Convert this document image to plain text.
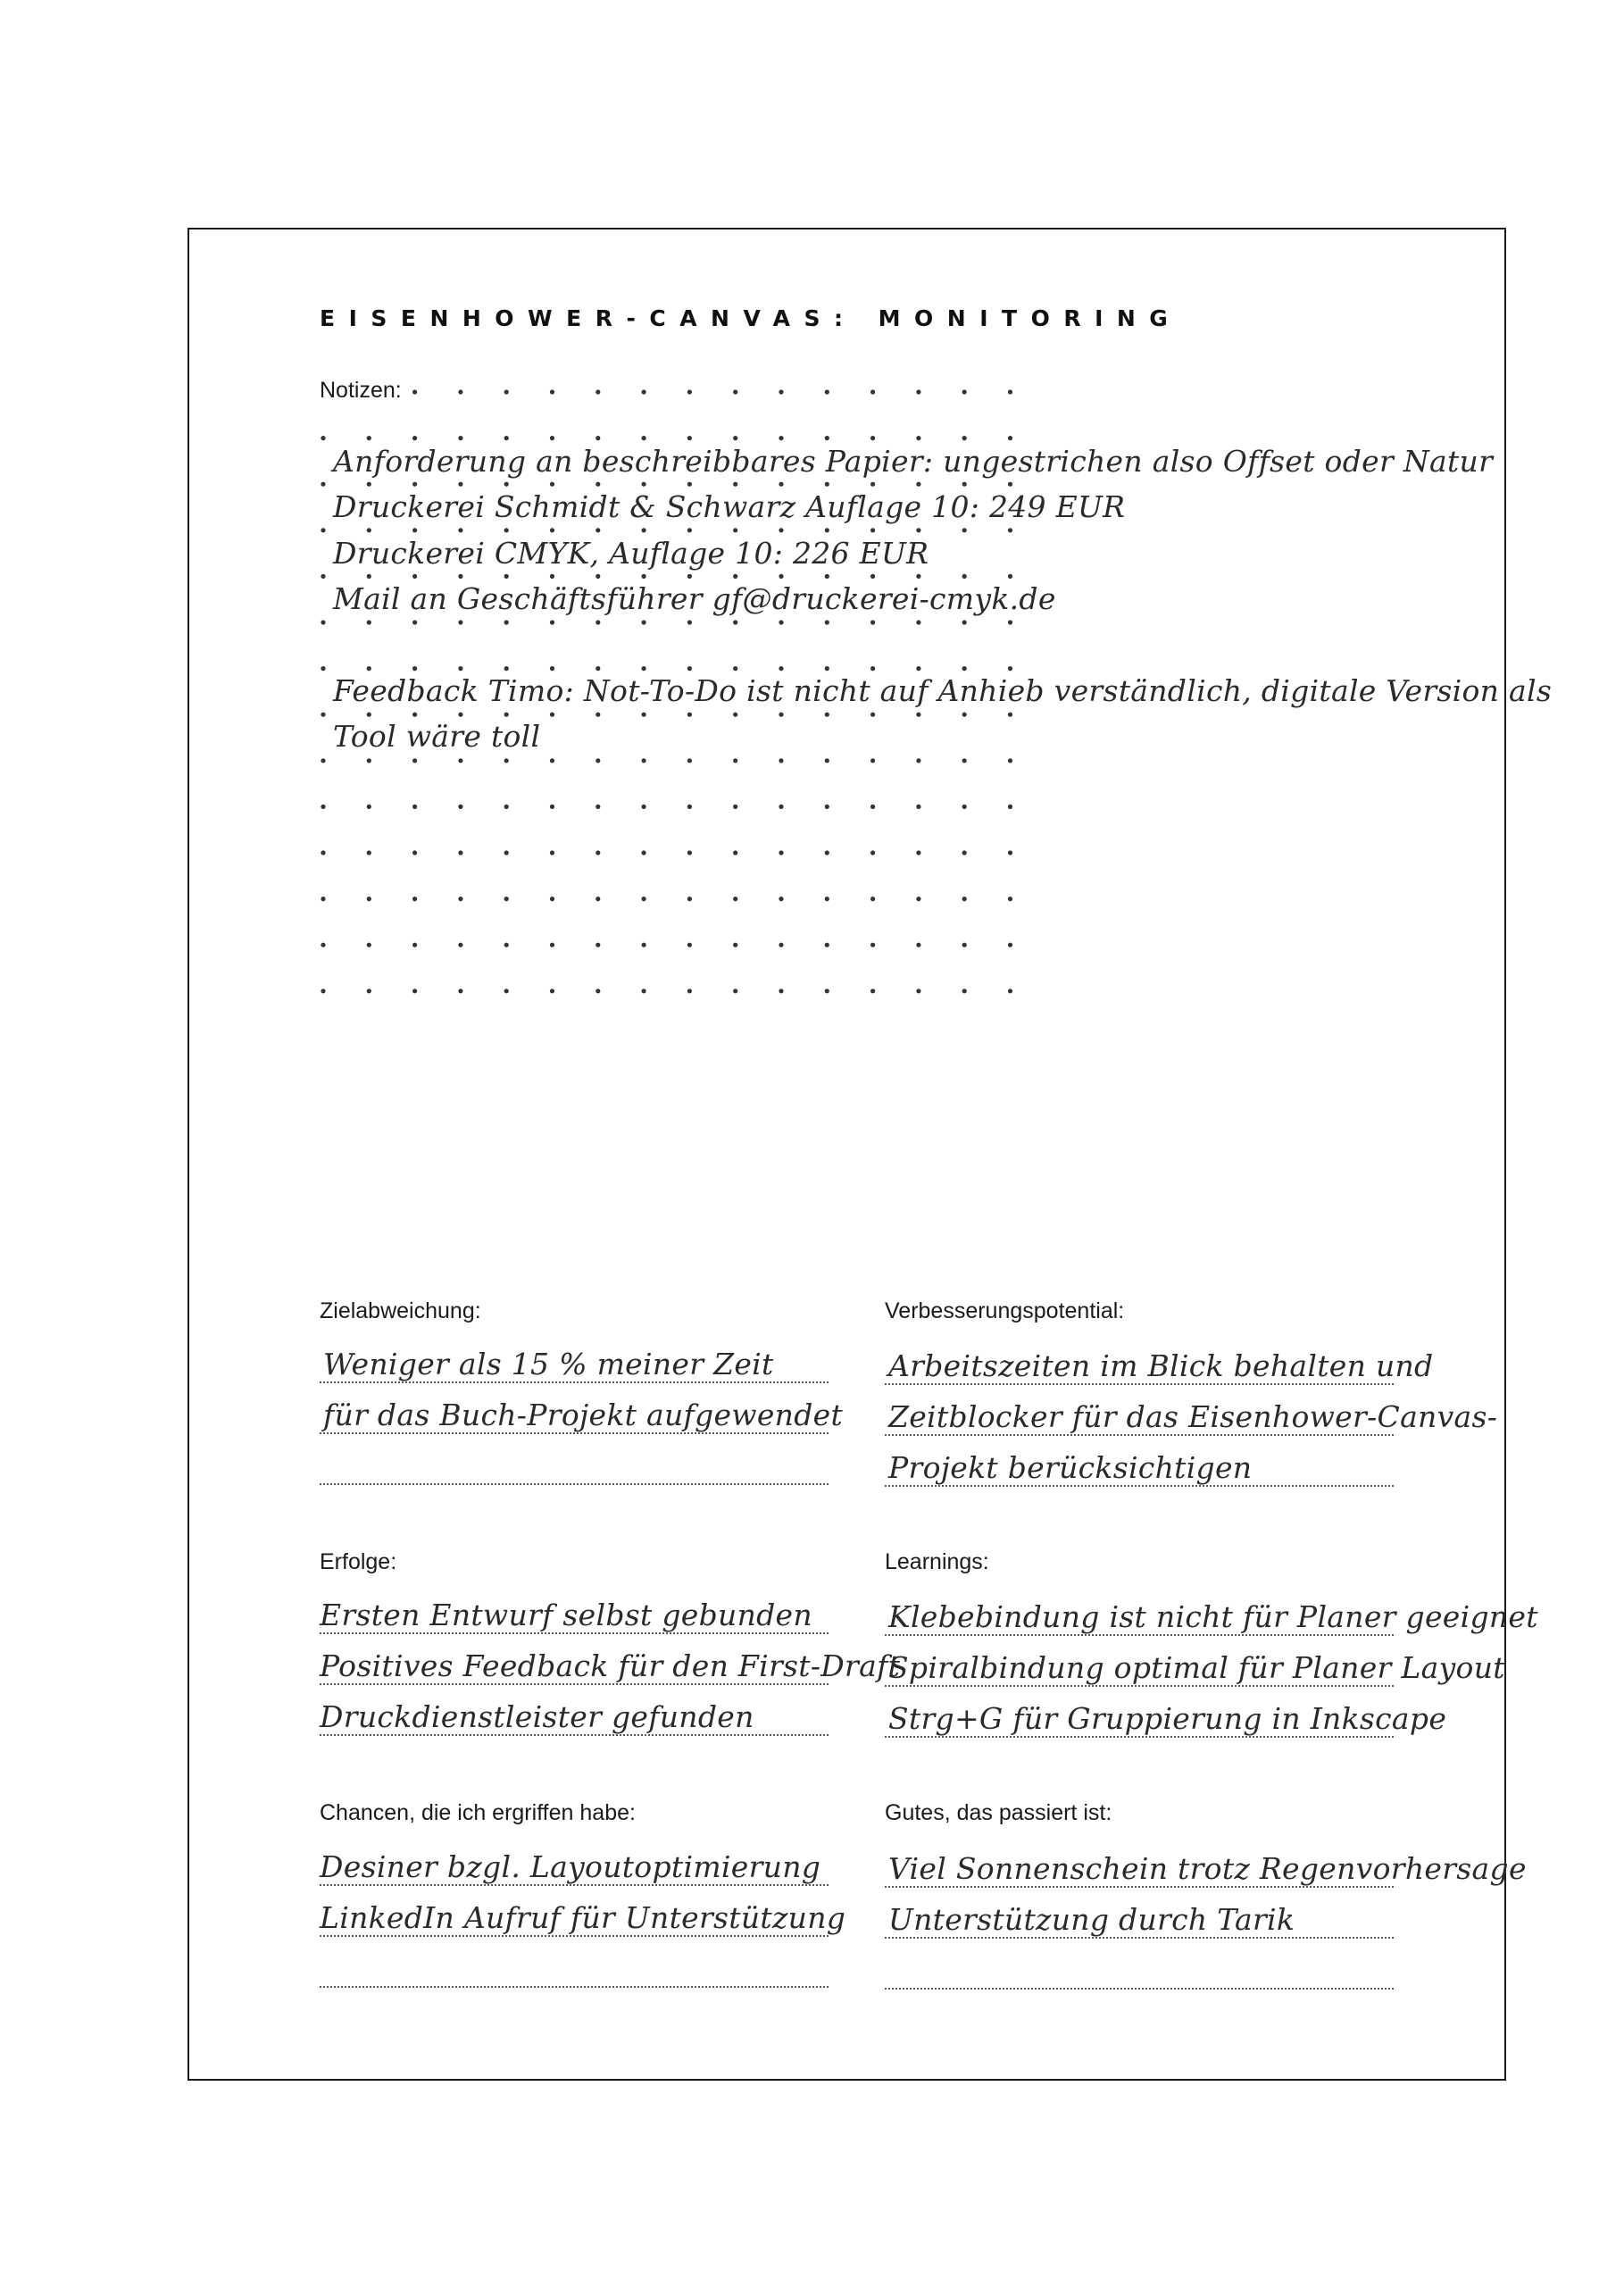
EISENHOWER-CANVAS: MONITORING
Notizen:
Anforderung an beschreibbares Papier: ungestrichen also Offset oder Natur
Druckerei Schmidt & Schwarz Auflage 10: 249 EUR
Druckerei CMYK, Auflage 10: 226 EUR
Mail an Geschäftsführer gf@druckerei-cmyk.de
Feedback Timo: Not-To-Do ist nicht auf Anhieb verständlich, digitale Version als
Tool wäre toll
Zielabweichung:
Weniger als 15 % meiner Zeit
für das Buch-Projekt aufgewendet
Verbesserungspotential:
Arbeitszeiten im Blick behalten und
Zeitblocker für das Eisenhower-Canvas-
Projekt berücksichtigen
Erfolge:
Ersten Entwurf selbst gebunden
Positives Feedback für den First-Draft
Druckdienstleister gefunden
Learnings:
Klebebindung ist nicht für Planer geeignet
Spiralbindung optimal für Planer Layout
Strg+G für Gruppierung in Inkscape
Chancen, die ich ergriffen habe:
Desiner bzgl. Layoutoptimierung
LinkedIn Aufruf für Unterstützung
Gutes, das passiert ist:
Viel Sonnenschein trotz Regenvorhersage
Unterstützung durch Tarik
